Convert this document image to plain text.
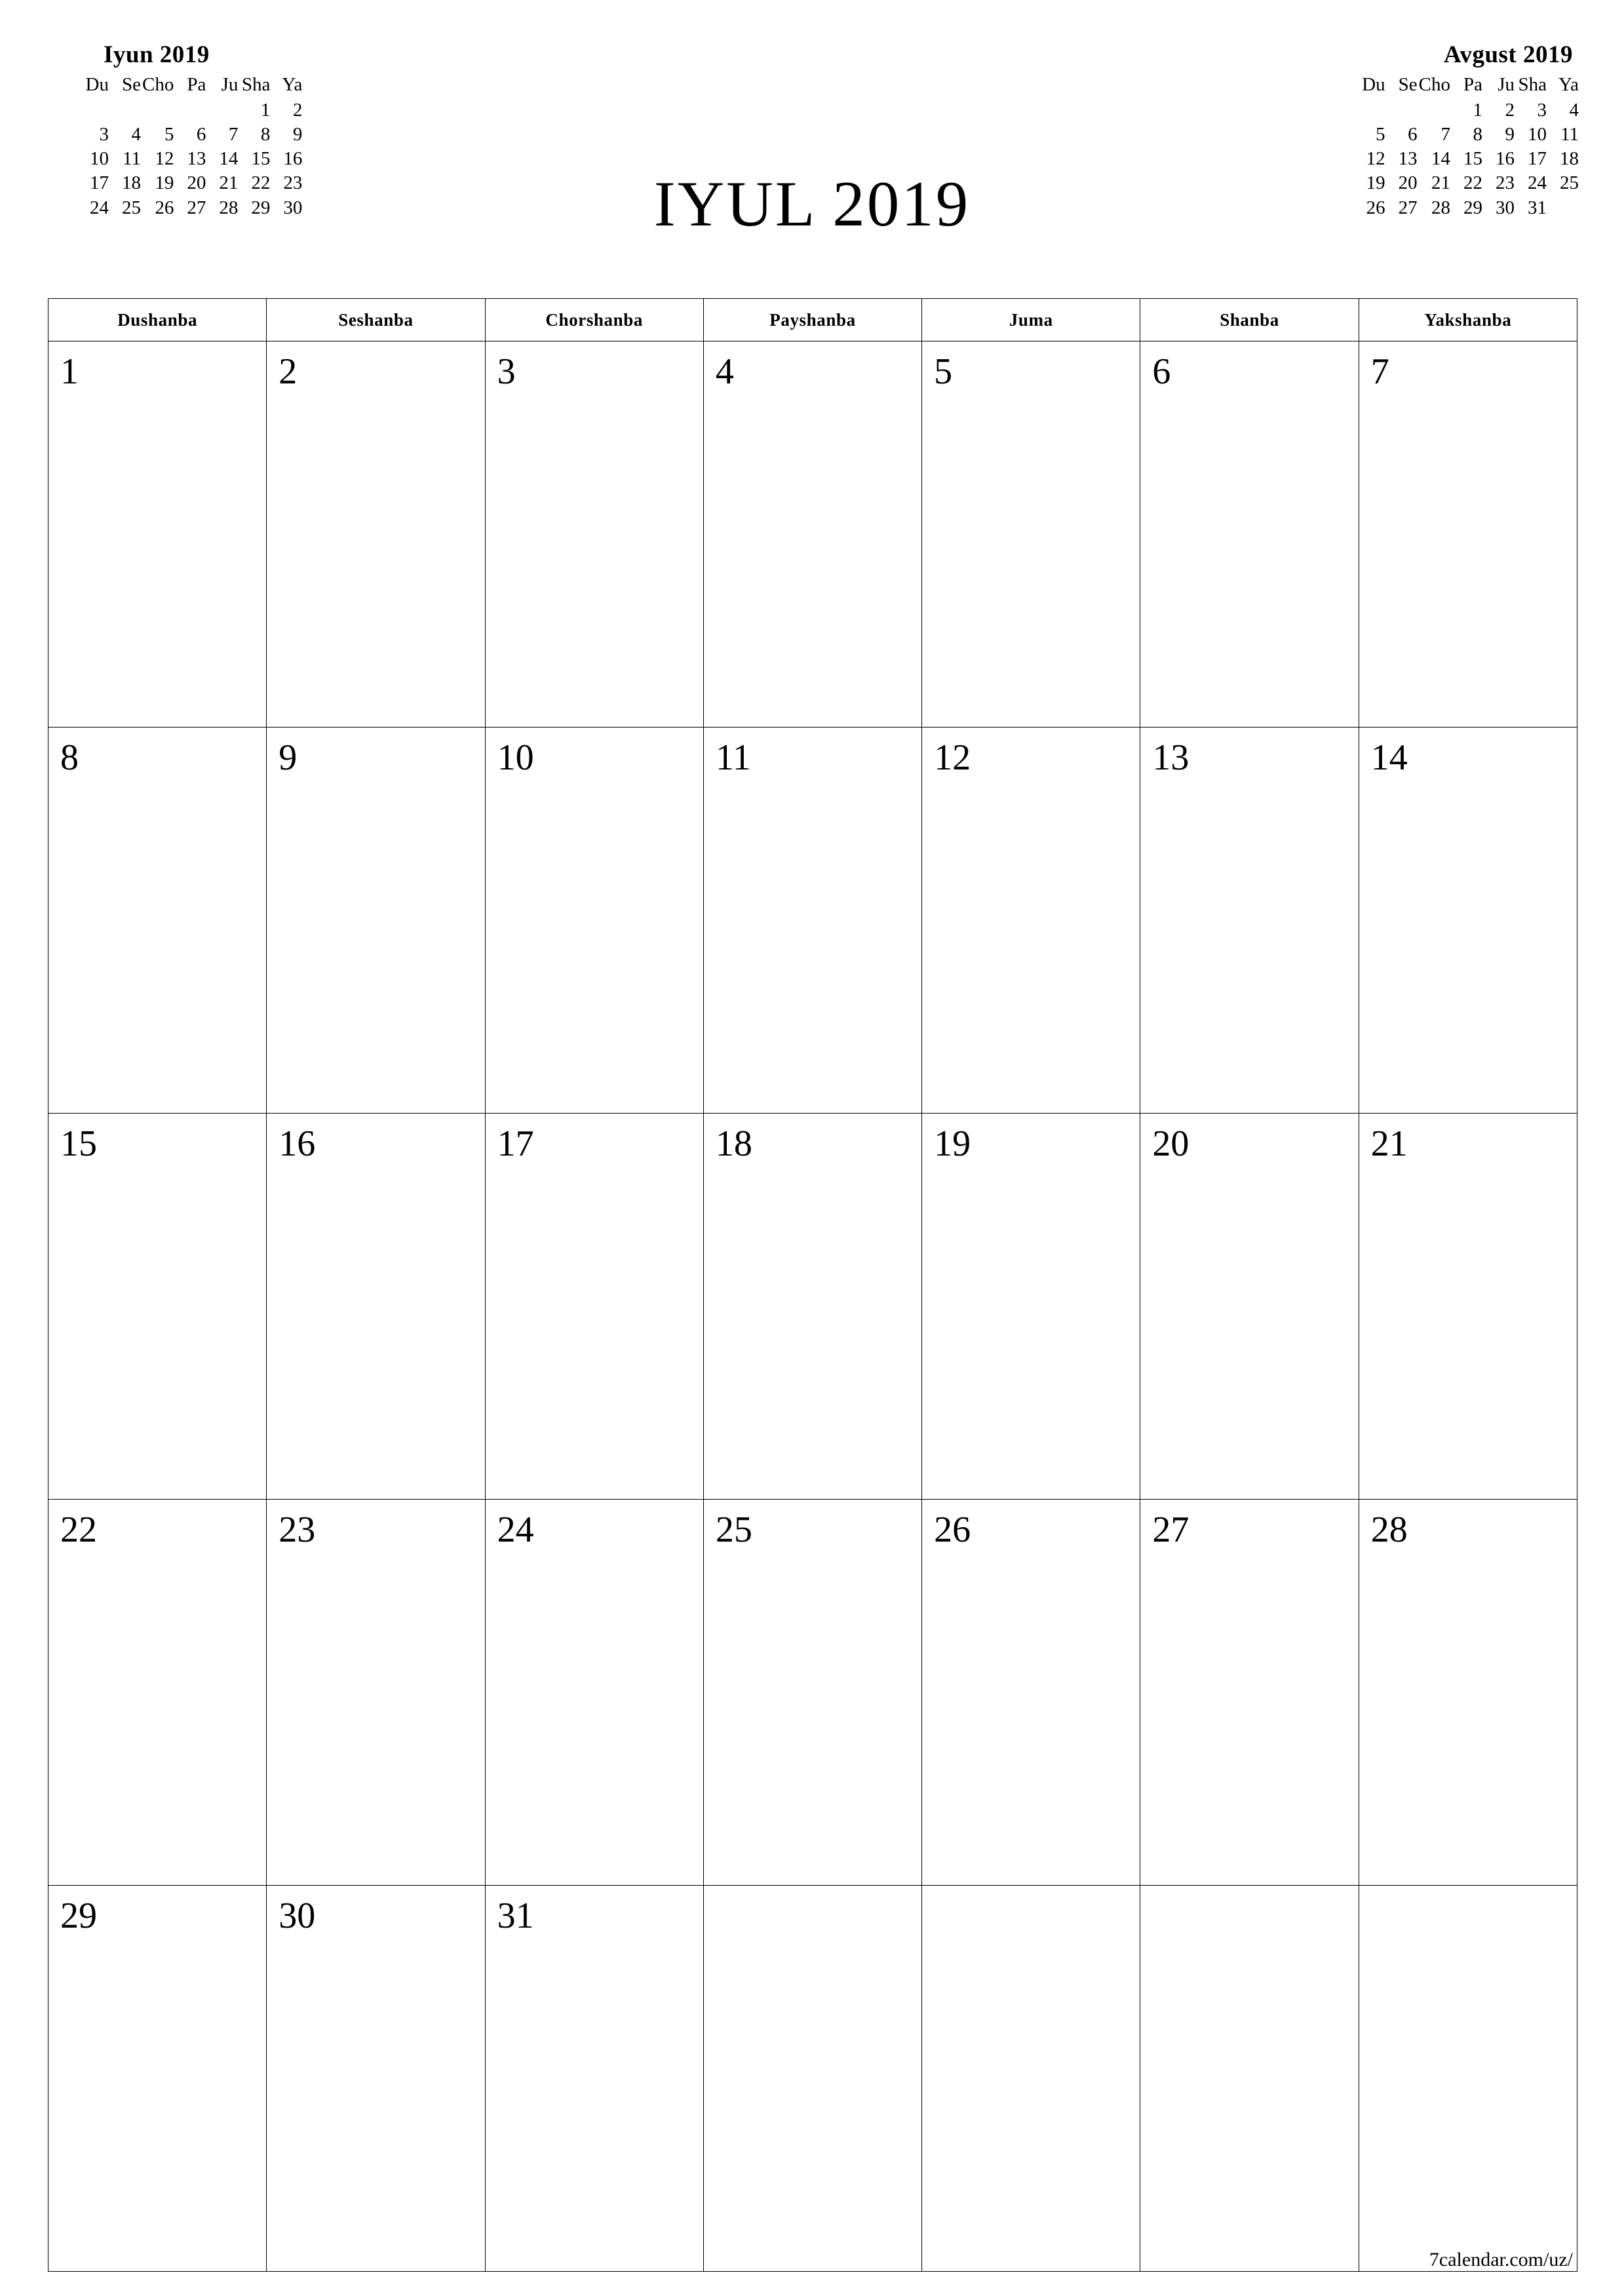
Iyun 2019
Du	Se	Cho	Pa	Ju	Sha	Ya
					1	2
3	4	5	6	7	8	9
10	11	12	13	14	15	16
17	18	19	20	21	22	23
24	25	26	27	28	29	30
Avgust 2019
Du	Se	Cho	Pa	Ju	Sha	Ya
			1	2	3	4
5	6	7	8	9	10	11
12	13	14	15	16	17	18
19	20	21	22	23	24	25
26	27	28	29	30	31	
IYUL 2019
Dushanba	Seshanba	Chorshanba	Payshanba	Juma	Shanba	Yakshanba

1	2	3	4	5	6	7

8	9	10	11	12	13	14

15	16	17	18	19	20	21

22	23	24	25	26	27	28

29	30	31				

7calendar.com/uz/
